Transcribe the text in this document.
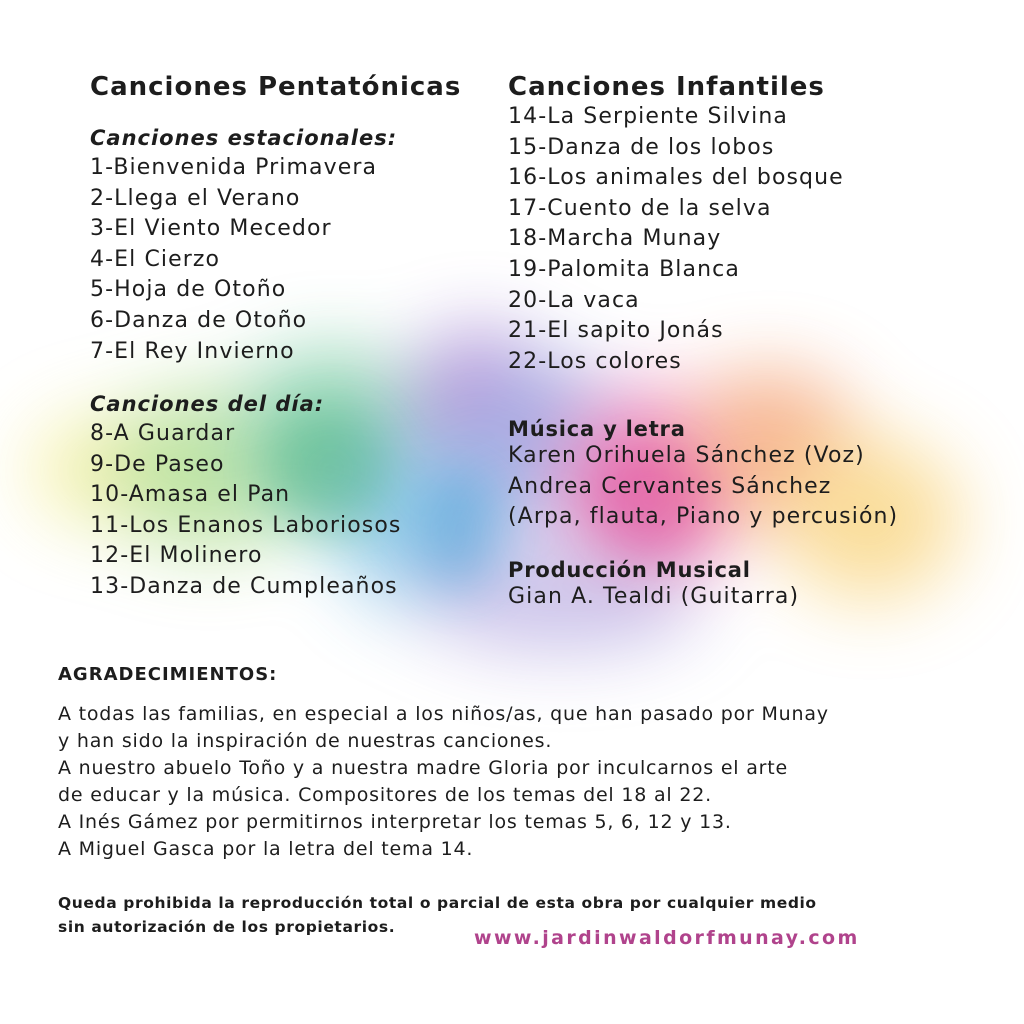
Canciones Pentatónicas
Canciones estacionales:
1-Bienvenida Primavera
2-Llega el Verano
3-El Viento Mecedor
4-El Cierzo
5-Hoja de Otoño
6-Danza de Otoño
7-El Rey Invierno
Canciones del día:
8-A Guardar
9-De Paseo
10-Amasa el Pan
11-Los Enanos Laboriosos
12-El Molinero
13-Danza de Cumpleaños
Canciones Infantiles
14-La Serpiente Silvina
15-Danza de los lobos
16-Los animales del bosque
17-Cuento de la selva
18-Marcha Munay
19-Palomita Blanca
20-La vaca
21-El sapito Jonás
22-Los colores
Música y letra
Karen Orihuela Sánchez (Voz)
Andrea Cervantes Sánchez
(Arpa, flauta, Piano y percusión)
Producción Musical
Gian A. Tealdi (Guitarra)
AGRADECIMIENTOS:
A todas las familias, en especial a los niños/as, que han pasado por Munay
y han sido la inspiración de nuestras canciones.
A nuestro abuelo Toño y a nuestra madre Gloria por inculcarnos el arte
de educar y la música. Compositores de los temas del 18 al 22.
A Inés Gámez por permitirnos interpretar los temas 5, 6, 12 y 13.
A Miguel Gasca por la letra del tema 14.
Queda prohibida la reproducción total o parcial de esta obra por cualquier medio
sin autorización de los propietarios.	www.jardinwaldorfmunay.com
